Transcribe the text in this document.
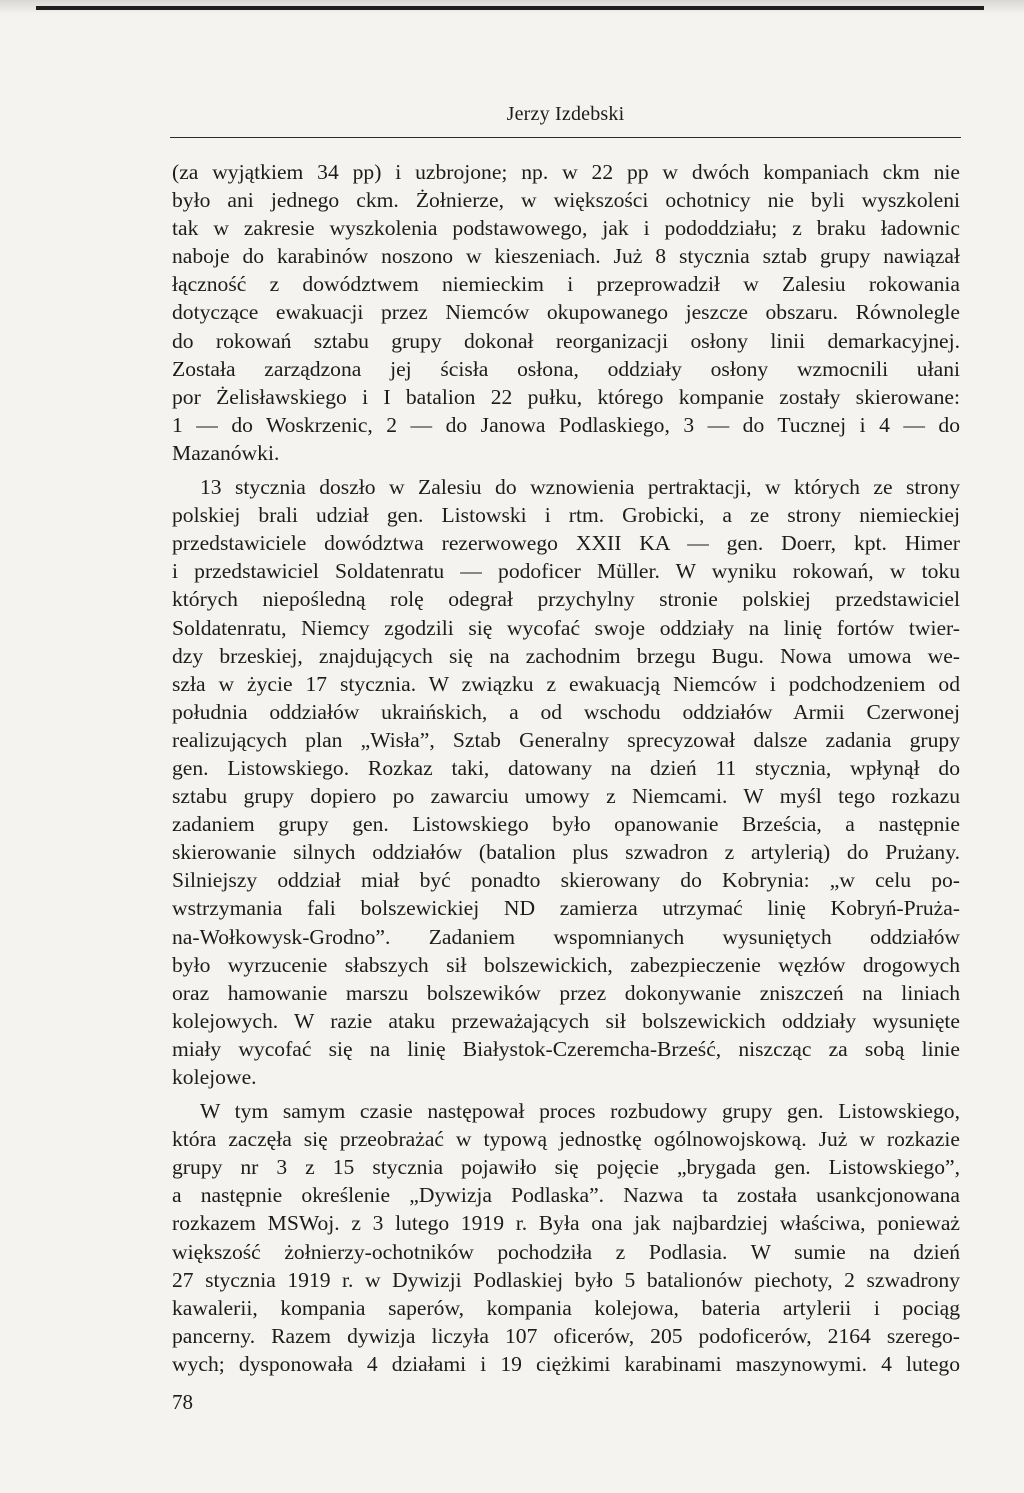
Jerzy Izdebski
(za wyjątkiem 34 pp) i uzbrojone; np. w 22 pp w dwóch kompaniach ckm nie
było ani jednego ckm. Żołnierze, w większości ochotnicy nie byli wyszkoleni
tak w zakresie wyszkolenia podstawowego, jak i pododdziału; z braku ładownic
naboje do karabinów noszono w kieszeniach. Już 8 stycznia sztab grupy nawiązał
łączność z dowództwem niemieckim i przeprowadził w Zalesiu rokowania
dotyczące ewakuacji przez Niemców okupowanego jeszcze obszaru. Równolegle
do rokowań sztabu grupy dokonał reorganizacji osłony linii demarkacyjnej.
Została zarządzona jej ścisła osłona, oddziały osłony wzmocnili ułani
por Żelisławskiego i I batalion 22 pułku, którego kompanie zostały skierowane:
1 — do Woskrzenic, 2 — do Janowa Podlaskiego, 3 — do Tucznej i 4 — do
Mazanówki.
13 stycznia doszło w Zalesiu do wznowienia pertraktacji, w których ze strony
polskiej brali udział gen. Listowski i rtm. Grobicki, a ze strony niemieckiej
przedstawiciele dowództwa rezerwowego XXII KA — gen. Doerr, kpt. Himer
i przedstawiciel Soldatenratu — podoficer Müller. W wyniku rokowań, w toku
których niepośledną rolę odegrał przychylny stronie polskiej przedstawiciel
Soldatenratu, Niemcy zgodzili się wycofać swoje oddziały na linię fortów twier-
dzy brzeskiej, znajdujących się na zachodnim brzegu Bugu. Nowa umowa we-
szła w życie 17 stycznia. W związku z ewakuacją Niemców i podchodzeniem od
południa oddziałów ukraińskich, a od wschodu oddziałów Armii Czerwonej
realizujących plan „Wisła”, Sztab Generalny sprecyzował dalsze zadania grupy
gen. Listowskiego. Rozkaz taki, datowany na dzień 11 stycznia, wpłynął do
sztabu grupy dopiero po zawarciu umowy z Niemcami. W myśl tego rozkazu
zadaniem grupy gen. Listowskiego było opanowanie Brześcia, a następnie
skierowanie silnych oddziałów (batalion plus szwadron z artylerią) do Prużany.
Silniejszy oddział miał być ponadto skierowany do Kobrynia: „w celu po-
wstrzymania fali bolszewickiej ND zamierza utrzymać linię Kobryń-Prużа-
na-Wołkowysk-Grodno”. Zadaniem wspomnianych wysuniętych oddziałów
było wyrzucenie słabszych sił bolszewickich, zabezpieczenie węzłów drogowych
oraz hamowanie marszu bolszewików przez dokonywanie zniszczeń na liniach
kolejowych. W razie ataku przeważających sił bolszewickich oddziały wysunięte
miały wycofać się na linię Białystok-Czeremcha-Brześć, niszcząc za sobą linie
kolejowe.
W tym samym czasie następował proces rozbudowy grupy gen. Listowskiego,
która zaczęła się przeobrażać w typową jednostkę ogólnowojskową. Już w rozkazie
grupy nr 3 z 15 stycznia pojawiło się pojęcie „brygada gen. Listowskiego”,
a następnie określenie „Dywizja Podlaska”. Nazwa ta została usankcjonowana
rozkazem MSWoj. z 3 lutego 1919 r. Była ona jak najbardziej właściwa, ponieważ
większość żołnierzy-ochotników pochodziła z Podlasia. W sumie na dzień
27 stycznia 1919 r. w Dywizji Podlaskiej było 5 batalionów piechoty, 2 szwadrony
kawalerii, kompania saperów, kompania kolejowa, bateria artylerii i pociąg
pancerny. Razem dywizja liczyła 107 oficerów, 205 podoficerów, 2164 szerego-
wych; dysponowała 4 działami i 19 ciężkimi karabinami maszynowymi. 4 lutego
78
